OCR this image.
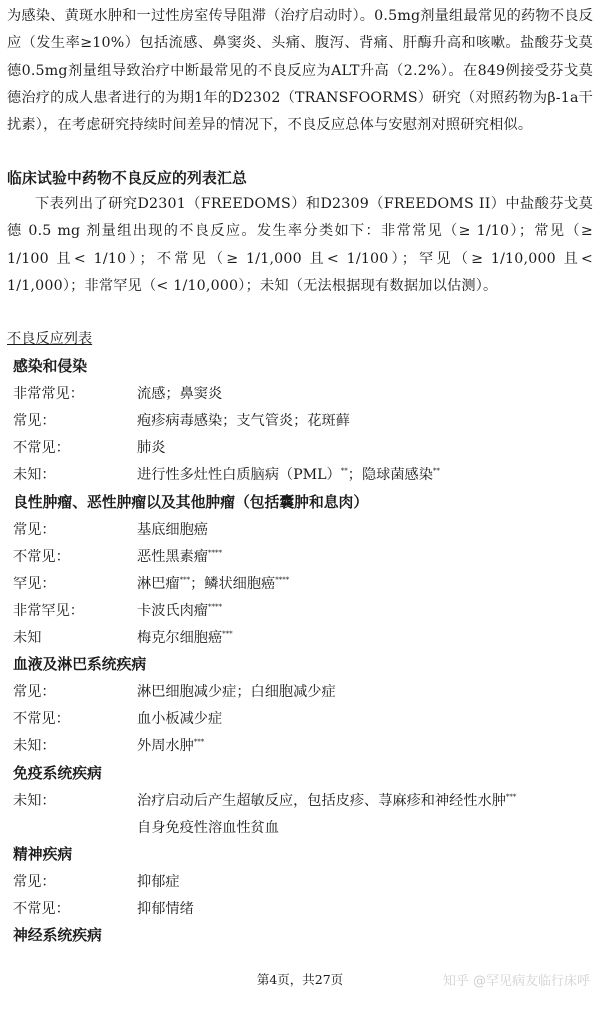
为感染、黄斑水肿和一过性房室传导阻滞（治疗启动时）。0.5mg剂量组最常见的药物不良反应（发生率≥10%）包括流感、鼻窦炎、头痛、腹泻、背痛、肝酶升高和咳嗽。盐酸芬戈莫德0.5mg剂量组导致治疗中断最常见的不良反应为ALT升高（2.2%）。在849例接受芬戈莫德治疗的成人患者进行的为期1年的D2302（TRANSFOORMS）研究（对照药物为β-1a干扰素），在考虑研究持续时间差异的情况下，不良反应总体与安慰剂对照研究相似。

临床试验中药物不良反应的列表汇总

下表列出了研究D2301（FREEDOMS）和D2309（FREEDOMS II）中盐酸芬戈莫德 0.5 mg 剂量组出现的不良反应。发生率分类如下：非常常见（≥ 1/10）；常见（≥ 1/100 且< 1/10）；不常见（≥ 1/1,000 且< 1/100）；罕见（≥ 1/10,000 且< 1/1,000）；非常罕见（< 1/10,000）；未知（无法根据现有数据加以估测）。

不良反应列表
感染和侵染
非常常见：	流感；鼻窦炎
常见：	疱疹病毒感染；支气管炎；花斑藓
不常见：	肺炎
未知：	进行性多灶性白质脑病（PML）**；隐球菌感染**
良性肿瘤、恶性肿瘤以及其他肿瘤（包括囊肿和息肉）
常见：	基底细胞癌
不常见：	恶性黑素瘤****
罕见：	淋巴瘤***；鳞状细胞癌****
非常罕见：	卡波氏肉瘤****
未知	梅克尔细胞癌***
血液及淋巴系统疾病
常见：	淋巴细胞减少症；白细胞减少症
不常见：	血小板减少症
未知：	外周水肿***
免疫系统疾病
未知：	治疗启动后产生超敏反应，包括皮疹、荨麻疹和神经性水肿***
自身免疫性溶血性贫血
精神疾病
常见：	抑郁症
不常见：	抑郁情绪
神经系统疾病
第4页，共27页	知乎 @罕见病友临行床呼
